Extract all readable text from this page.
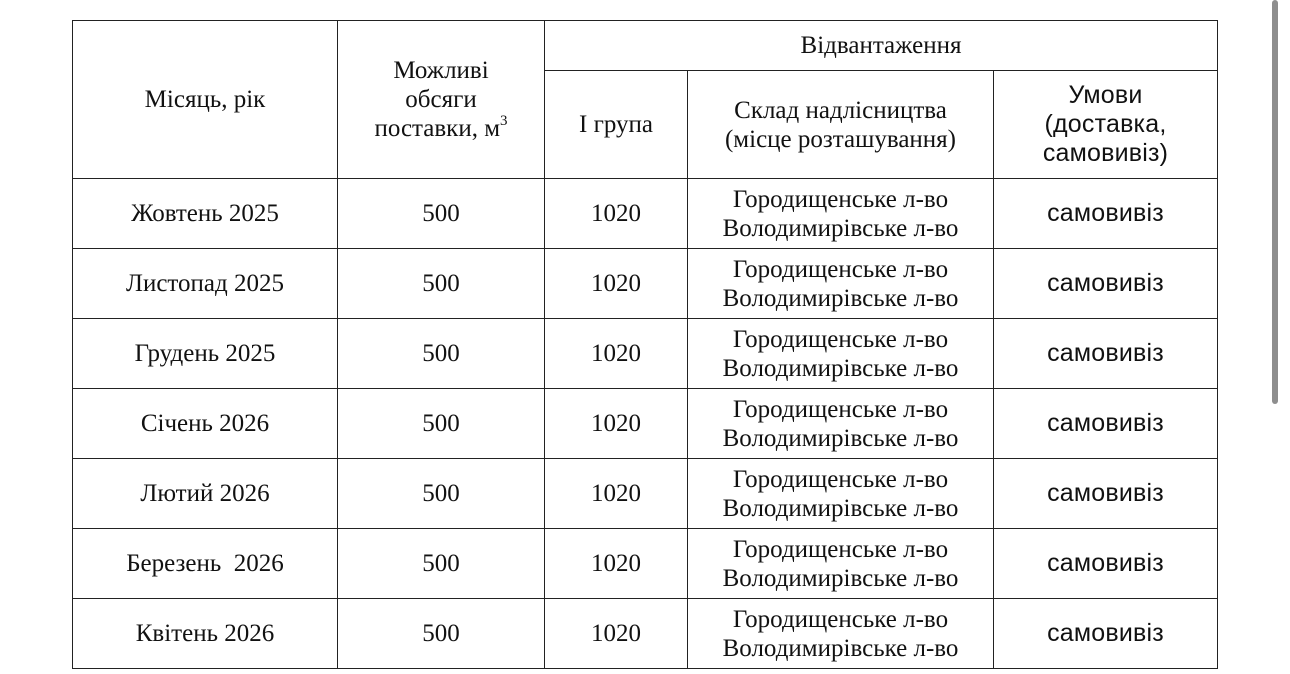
Місяць, рік	Можливі
обсяги
поставки, $м^3$	Відвантаження		
		І група	Склад надлісництва
(місце розташування)	Умови
(доставка,
самовивіз)

Жовтень 2025	500	1020	Городищенське л-во
Володимирівське л-во	самовивіз
Листопад 2025	500	1020	Городищенське л-во
Володимирівське л-во	самовивіз
Грудень 2025	500	1020	Городищенське л-во
Володимирівське л-во	самовивіз
Січень 2026	500	1020	Городищенське л-во
Володимирівське л-во	самовивіз
Лютий 2026	500	1020	Городищенське л-во
Володимирівське л-во	самовивіз
Березень  2026	500	1020	Городищенське л-во
Володимирівське л-во	самовивіз
Квітень 2026	500	1020	Городищенське л-во
Володимирівське л-во	самовивіз
